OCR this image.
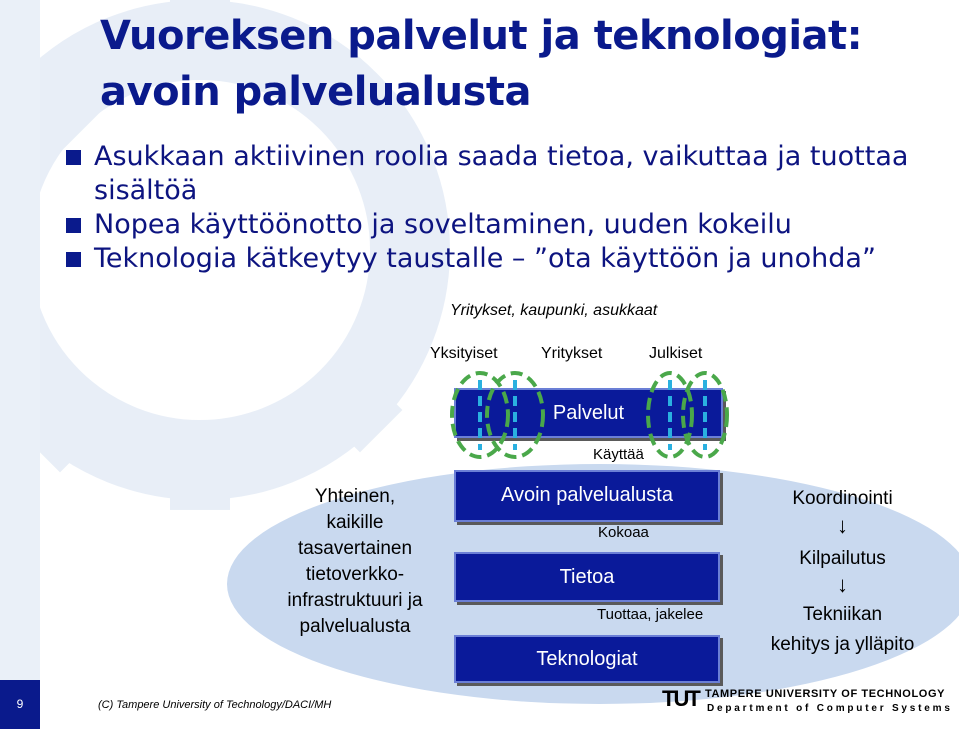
9
Vuoreksen palvelut ja teknologiat: avoin palvelualusta
Asukkaan aktiivinen roolia saada tietoa, vaikuttaa ja tuottaa sisältöä
Nopea käyttöönotto ja soveltaminen, uuden kokeilu
Teknologia kätkeytyy taustalle – ”ota käyttöön ja unohda”
Yritykset, kaupunki, asukkaat
Yksityiset	Yritykset	Julkiset
Palvelut
Käyttää
Avoin palvelualusta
Kokoaa
Tietoa
Tuottaa, jakelee
Teknologiat
Yhteinen,
kaikille
tasavertainen
tietoverkko-
infrastruktuuri ja
palvelualusta
Koordinointi
↓
Kilpailutus
↓
Tekniikan
kehitys ja ylläpito
(C) Tampere University of Technology/DACI/MH	TUT TAMPERE UNIVERSITY OF TECHNOLOGY
Department of Computer Systems
